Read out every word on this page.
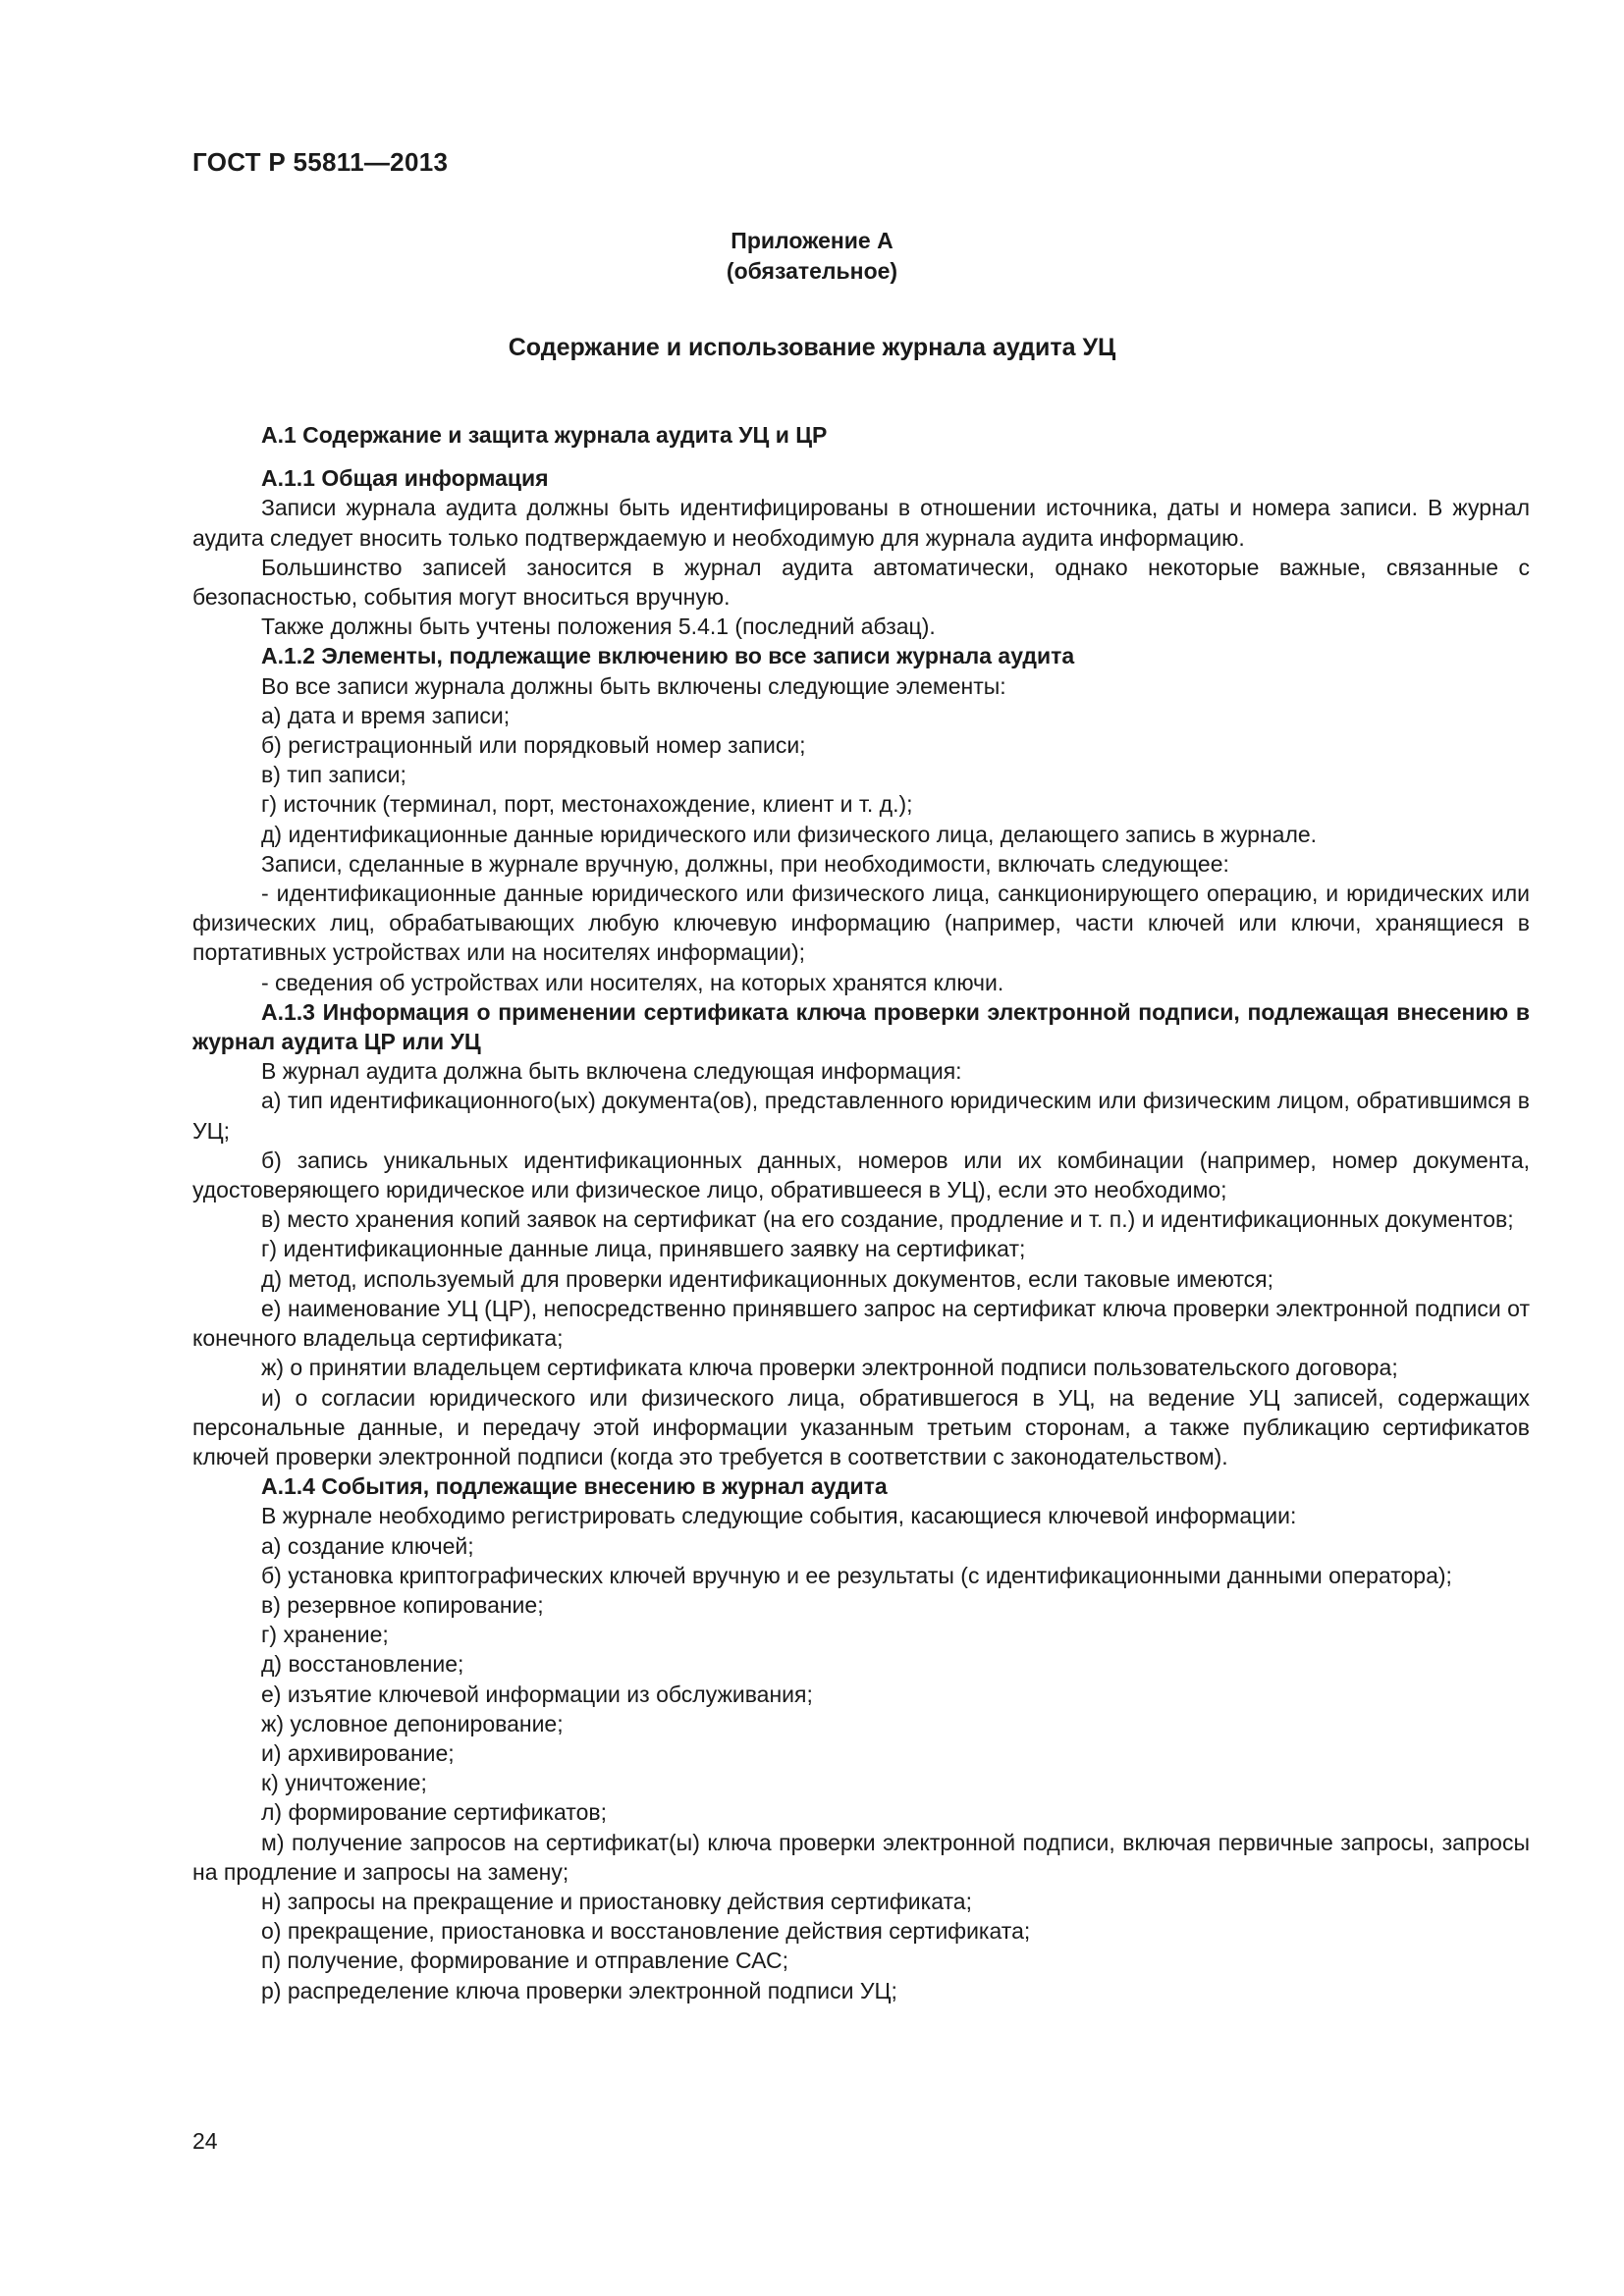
ГОСТ Р 55811—2013
Приложение А
(обязательное)
Содержание и использование журнала аудита УЦ

А.1 Содержание и защита журнала аудита УЦ и ЦР

А.1.1 Общая информация

Записи журнала аудита должны быть идентифицированы в отношении источника, даты и номера записи. В журнал аудита следует вносить только подтверждаемую и необходимую для журнала аудита информацию.

Большинство записей заносится в журнал аудита автоматически, однако некоторые важные, связанные с безопасностью, события могут вноситься вручную.

Также должны быть учтены положения 5.4.1 (последний абзац).

А.1.2 Элементы, подлежащие включению во все записи журнала аудита

Во все записи журнала должны быть включены следующие элементы:

а) дата и время записи;

б) регистрационный или порядковый номер записи;

в) тип записи;

г) источник (терминал, порт, местонахождение, клиент и т. д.);

д) идентификационные данные юридического или физического лица, делающего запись в журнале.

Записи, сделанные в журнале вручную, должны, при необходимости, включать следующее:

- идентификационные данные юридического или физического лица, санкционирующего операцию, и юридических или физических лиц, обрабатывающих любую ключевую информацию (например, части ключей или ключи, хранящиеся в портативных устройствах или на носителях информации);

- сведения об устройствах или носителях, на которых хранятся ключи.

А.1.3 Информация о применении сертификата ключа проверки электронной подписи, подлежащая внесению в журнал аудита ЦР или УЦ

В журнал аудита должна быть включена следующая информация:

а) тип идентификационного(ых) документа(ов), представленного юридическим или физическим лицом, обратившимся в УЦ;

б) запись уникальных идентификационных данных, номеров или их комбинации (например, номер документа, удостоверяющего юридическое или физическое лицо, обратившееся в УЦ), если это необходимо;

в) место хранения копий заявок на сертификат (на его создание, продление и т. п.) и идентификационных документов;

г) идентификационные данные лица, принявшего заявку на сертификат;

д) метод, используемый для проверки идентификационных документов, если таковые имеются;

е) наименование УЦ (ЦР), непосредственно принявшего запрос на сертификат ключа проверки электронной подписи от конечного владельца сертификата;

ж) о принятии владельцем сертификата ключа проверки электронной подписи пользовательского договора;

и) о согласии юридического или физического лица, обратившегося в УЦ, на ведение УЦ записей, содержащих персональные данные, и передачу этой информации указанным третьим сторонам, а также публикацию сертификатов ключей проверки электронной подписи (когда это требуется в соответствии с законодательством).

А.1.4 События, подлежащие внесению в журнал аудита

В журнале необходимо регистрировать следующие события, касающиеся ключевой информации:

а) создание ключей;

б) установка криптографических ключей вручную и ее результаты (с идентификационными данными оператора);

в) резервное копирование;

г) хранение;

д) восстановление;

е) изъятие ключевой информации из обслуживания;

ж) условное депонирование;

и) архивирование;

к) уничтожение;

л) формирование сертификатов;

м) получение запросов на сертификат(ы) ключа проверки электронной подписи, включая первичные запросы, запросы на продление и запросы на замену;

н) запросы на прекращение и приостановку действия сертификата;

о) прекращение, приостановка и восстановление действия сертификата;

п) получение, формирование и отправление САС;

р) распределение ключа проверки электронной подписи УЦ;

24
